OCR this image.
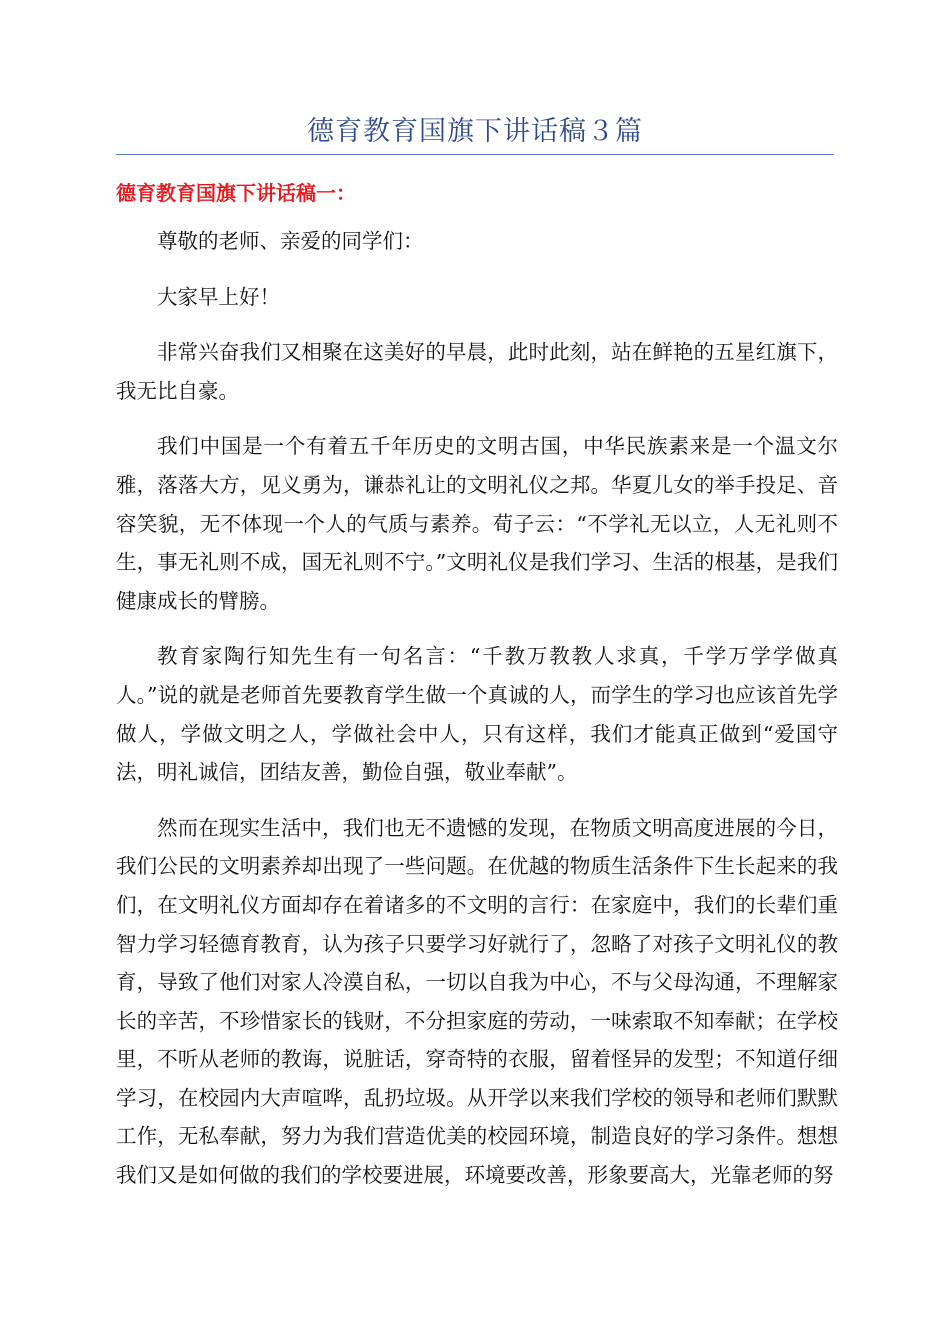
德育教育国旗下讲话稿３篇
德育教育国旗下讲话稿一：

尊敬的老师、亲爱的同学们：

大家早上好！

非常兴奋我们又相聚在这美好的早晨，此时此刻，站在鲜艳的五星红旗下，我无比自豪。

我们中国是一个有着五千年历史的文明古国，中华民族素来是一个温文尔雅，落落大方，见义勇为，谦恭礼让的文明礼仪之邦。华夏儿女的举手投足、音容笑貌，无不体现一个人的气质与素养。荀子云：“不学礼无以立，人无礼则不生，事无礼则不成，国无礼则不宁。”文明礼仪是我们学习、生活的根基，是我们健康成长的臂膀。

教育家陶行知先生有一句名言：“千教万教教人求真，千学万学学做真人。”说的就是老师首先要教育学生做一个真诚的人，而学生的学习也应该首先学做人，学做文明之人，学做社会中人，只有这样，我们才能真正做到“爱国守法，明礼诚信，团结友善，勤俭自强，敬业奉献”。

然而在现实生活中，我们也无不遗憾的发现，在物质文明高度进展的今日，我们公民的文明素养却出现了一些问题。在优越的物质生活条件下生长起来的我们，在文明礼仪方面却存在着诸多的不文明的言行：在家庭中，我们的长辈们重智力学习轻德育教育，认为孩子只要学习好就行了，忽略了对孩子文明礼仪的教育，导致了他们对家人冷漠自私，一切以自我为中心，不与父母沟通，不理解家长的辛苦，不珍惜家长的钱财，不分担家庭的劳动，一味索取不知奉献；在学校里，不听从老师的教诲，说脏话，穿奇特的衣服，留着怪异的发型；不知道仔细学习，在校园内大声喧哗，乱扔垃圾。从开学以来我们学校的领导和老师们默默工作，无私奉献，努力为我们营造优美的校园环境，制造良好的学习条件。想想我们又是如何做的我们的学校要进展，环境要改善，形象要高大，光靠老师的努
